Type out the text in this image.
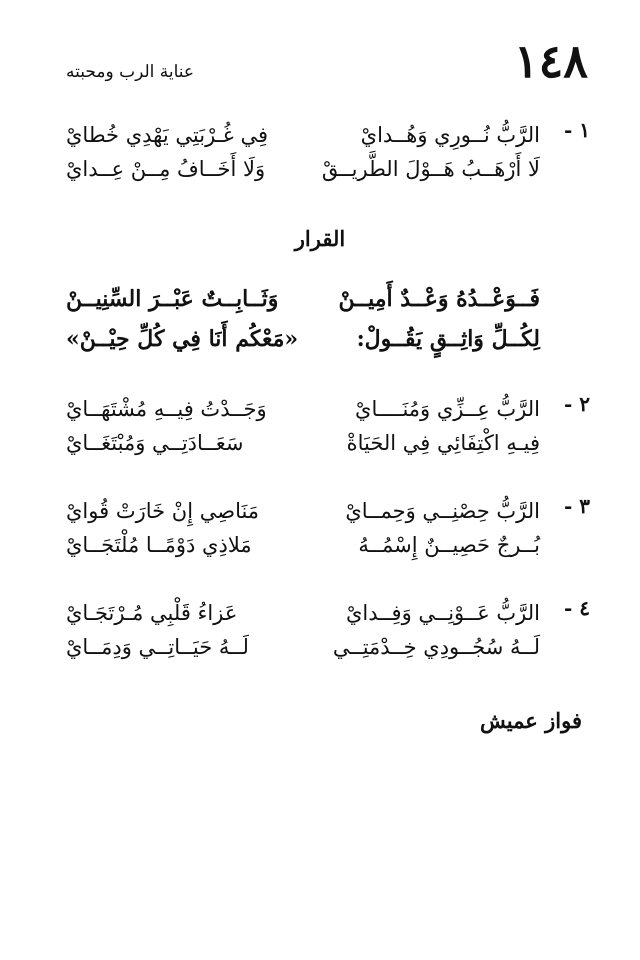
١٤٨
عناية الرب ومحبته
١ -
الرَّبُّ نُــورِي وَهُــدايْ
فِي غُـرْبَتِي يَهْدِي خُطايْ
لَا أَرْهَــبُ هَــوْلَ الطَّريــقْ
وَلَا أَخَــافُ مِــنْ عِــدايْ
القرار
فَــوَعْــدُهُ وَعْــدٌ أَمِيــنْ
وَثَــابِــتٌ عَبْــرَ السِّنِيــنْ
لِكُــلِّ وَاثِــقٍ يَقُــولْ:
«مَعْكُم أَنَا فِي كُلِّ حِيْــنْ»
٢ -
الرَّبُّ عِــزِّي وَمُنَــــايْ
وَجَــدْتُ فِيــهِ مُشْتَهَــايْ
فِيـهِ اكْتِفَائِي فِي الحَيَاةْ
سَعَــادَتِــي وَمُبْتَغَــايْ
٣ -
الرَّبُّ حِصْنِــي وَحِمــايْ
مَنَاصِي إِنْ خَارَتْ قُوايْ
بُــرجٌ حَصِيــنٌ إِسْمُــهُ
مَلاذِي دَوْمًــا مُلْتَجَــايْ
٤ -
الرَّبُّ عَــوْنِــي وَفِــدايْ
عَزاءُ قَلْبِي مُـرْتَجَـايْ
لَــهُ سُجُــودِي خِــدْمَتِــي
لَــهُ حَيَــاتِــي وَدِمَــايْ
فواز عميش
